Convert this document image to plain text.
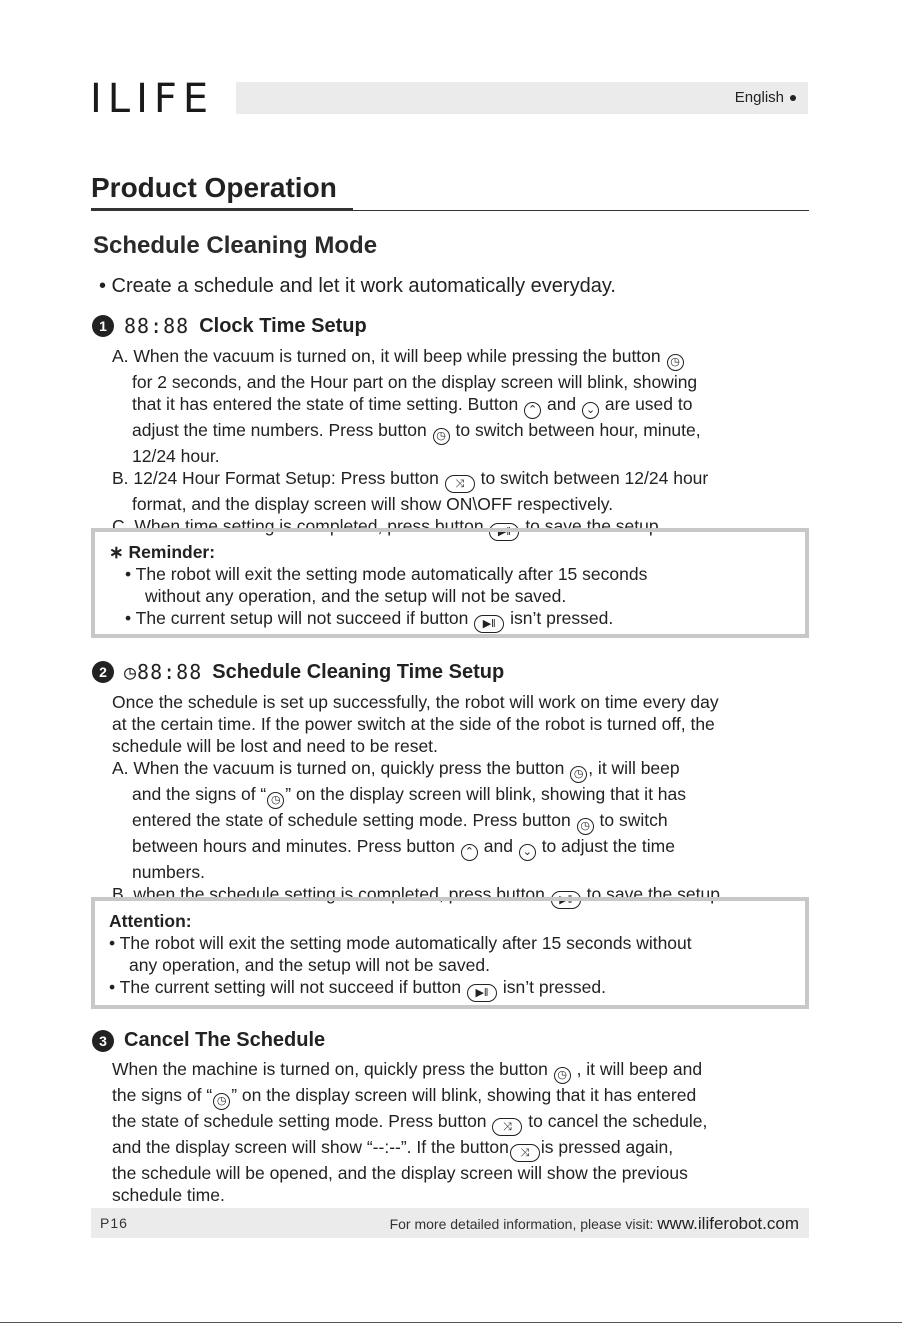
ILIFE	English
Product Operation
Schedule Cleaning Mode
• Create a schedule and let it work automatically everyday.
1 88:88 Clock Time Setup

A. When the vacuum is turned on, it will beep while pressing the button ◷

for 2 seconds, and the Hour part on the display screen will blink, showing

that it has entered the state of time setting. Button ⌃ and ⌄ are used to

adjust the time numbers. Press button ◷ to switch between hour, minute,

12/24 hour.

B. 12/24 Hour Format Setup: Press button ⤨ to switch between 12/24 hour

format, and the display screen will show ON\OFF respectively.

C. When time setting is completed, press button ▶‖ to save the setup.

∗ Reminder:

• The robot will exit the setting mode automatically after 15 seconds

without any operation, and the setup will not be saved.

• The current setup will not succeed if button ▶‖ isn’t pressed.

2 ◷88:88 Schedule Cleaning Time Setup

Once the schedule is set up successfully, the robot will work on time every day

at the certain time. If the power switch at the side of the robot is turned off, the

schedule will be lost and need to be reset.

A. When the vacuum is turned on, quickly press the button ◷ , it will beep

and the signs of “ ◷ ” on the display screen will blink, showing that it has

entered the state of schedule setting mode. Press button ◷ to switch

between hours and minutes. Press button ⌃ and ⌄ to adjust the time

numbers.

B. when the schedule setting is completed, press button ▶‖ to save the setup.

Attention:

• The robot will exit the setting mode automatically after 15 seconds without

any operation, and the setup will not be saved.

• The current setting will not succeed if button ▶‖ isn’t pressed.

3 Cancel The Schedule

When the machine is turned on, quickly press the button ◷ , it will beep and

the signs of “ ◷ ” on the display screen will blink, showing that it has entered

the state of schedule setting mode. Press button ⤨ to cancel the schedule,

and the display screen will show “--:--”. If the button ⤨ is pressed again,

the schedule will be opened, and the display screen will show the previous

schedule time.

P16	For more detailed information, please visit: www.iliferobot.com
